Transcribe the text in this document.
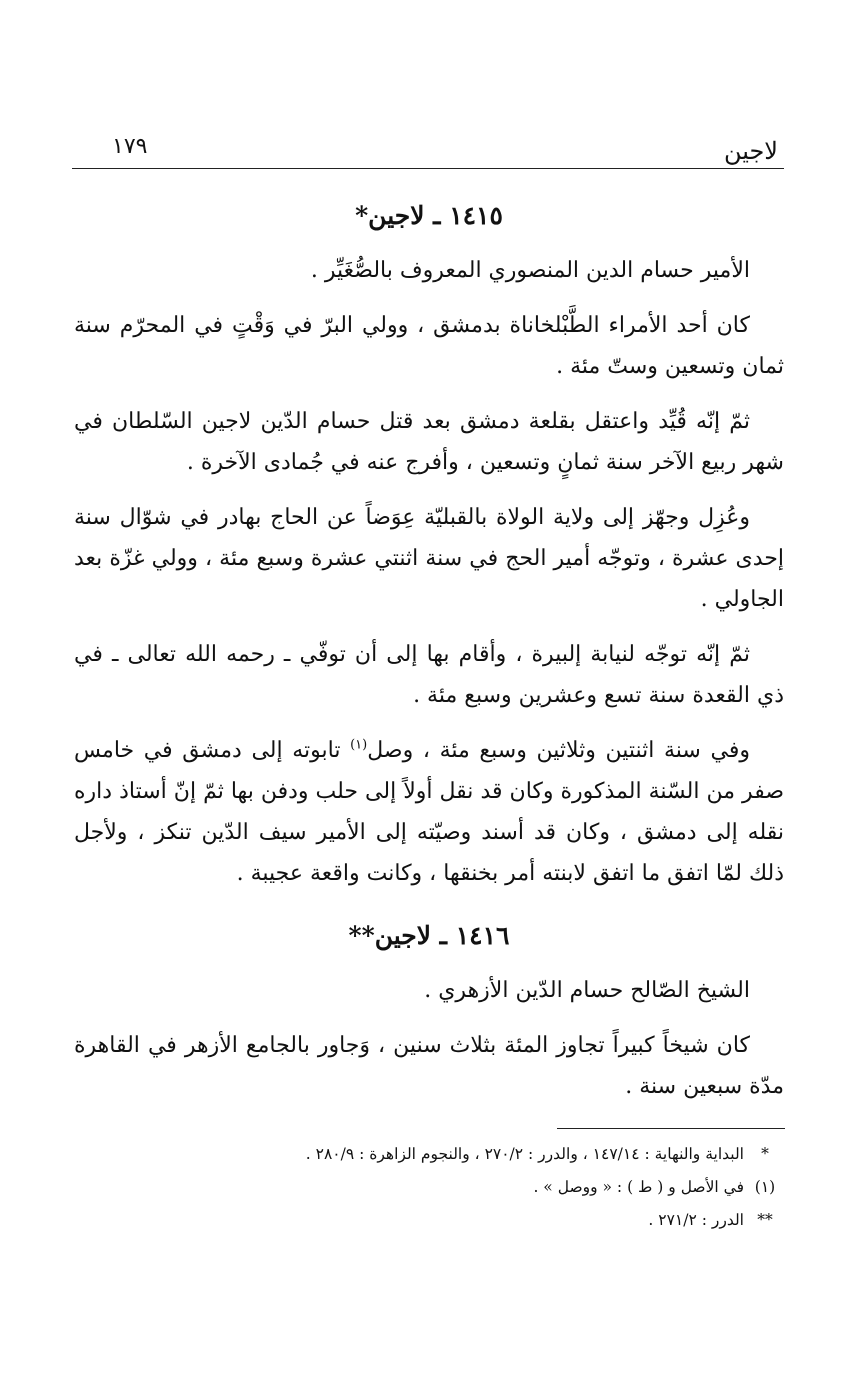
لاجين
١٧٩
١٤١٥ ـ لاجين*

الأمير حسام الدين المنصوري المعروف بالصُّغَيِّر .

كان أحد الأمراء الطَّبْلخاناة بدمشق ، وولي البرّ في وَقْتٍ في المحرّم سنة ثمان وتسعين وستّ مئة .

ثمّ إنّه قُيِّد واعتقل بقلعة دمشق بعد قتل حسام الدّين لاجين السّلطان في شهر ربيع الآخر سنة ثمانٍ وتسعين ، وأفرج عنه في جُمادى الآخرة .

وعُزِل وجهّز إلى ولاية الولاة بالقبليّة عِوَضاً عن الحاج بهادر في شوّال سنة إحدى عشرة ، وتوجّه أمير الحج في سنة اثنتي عشرة وسبع مئة ، وولي غزّة بعد الجاولي .

ثمّ إنّه توجّه لنيابة إلبيرة ، وأقام بها إلى أن توفّي ـ رحمه الله تعالى ـ في ذي القعدة سنة تسع وعشرين وسبع مئة .

وفي سنة اثنتين وثلاثين وسبع مئة ، وصل$^{(١)}$ تابوته إلى دمشق في خامس صفر من السّنة المذكورة وكان قد نقل أولاً إلى حلب ودفن بها ثمّ إنّ أستاذ داره نقله إلى دمشق ، وكان قد أسند وصيّته إلى الأمير سيف الدّين تنكز ، ولأجل ذلك لمّا اتفق ما اتفق لابنته أمر بخنقها ، وكانت واقعة عجيبة .

١٤١٦ ـ لاجين**

الشيخ الصّالح حسام الدّين الأزهري .

كان شيخاً كبيراً تجاوز المئة بثلاث سنين ، وَجاور بالجامع الأزهر في القاهرة مدّة سبعين سنة .

*
البداية والنهاية : ١٤٧/١٤ ، والدرر : ٢٧٠/٢ ، والنجوم الزاهرة : ٢٨٠/٩ .
(١)
في الأصل و ( ط ) : « ووصل » .
**
الدرر : ٢٧١/٢ .
